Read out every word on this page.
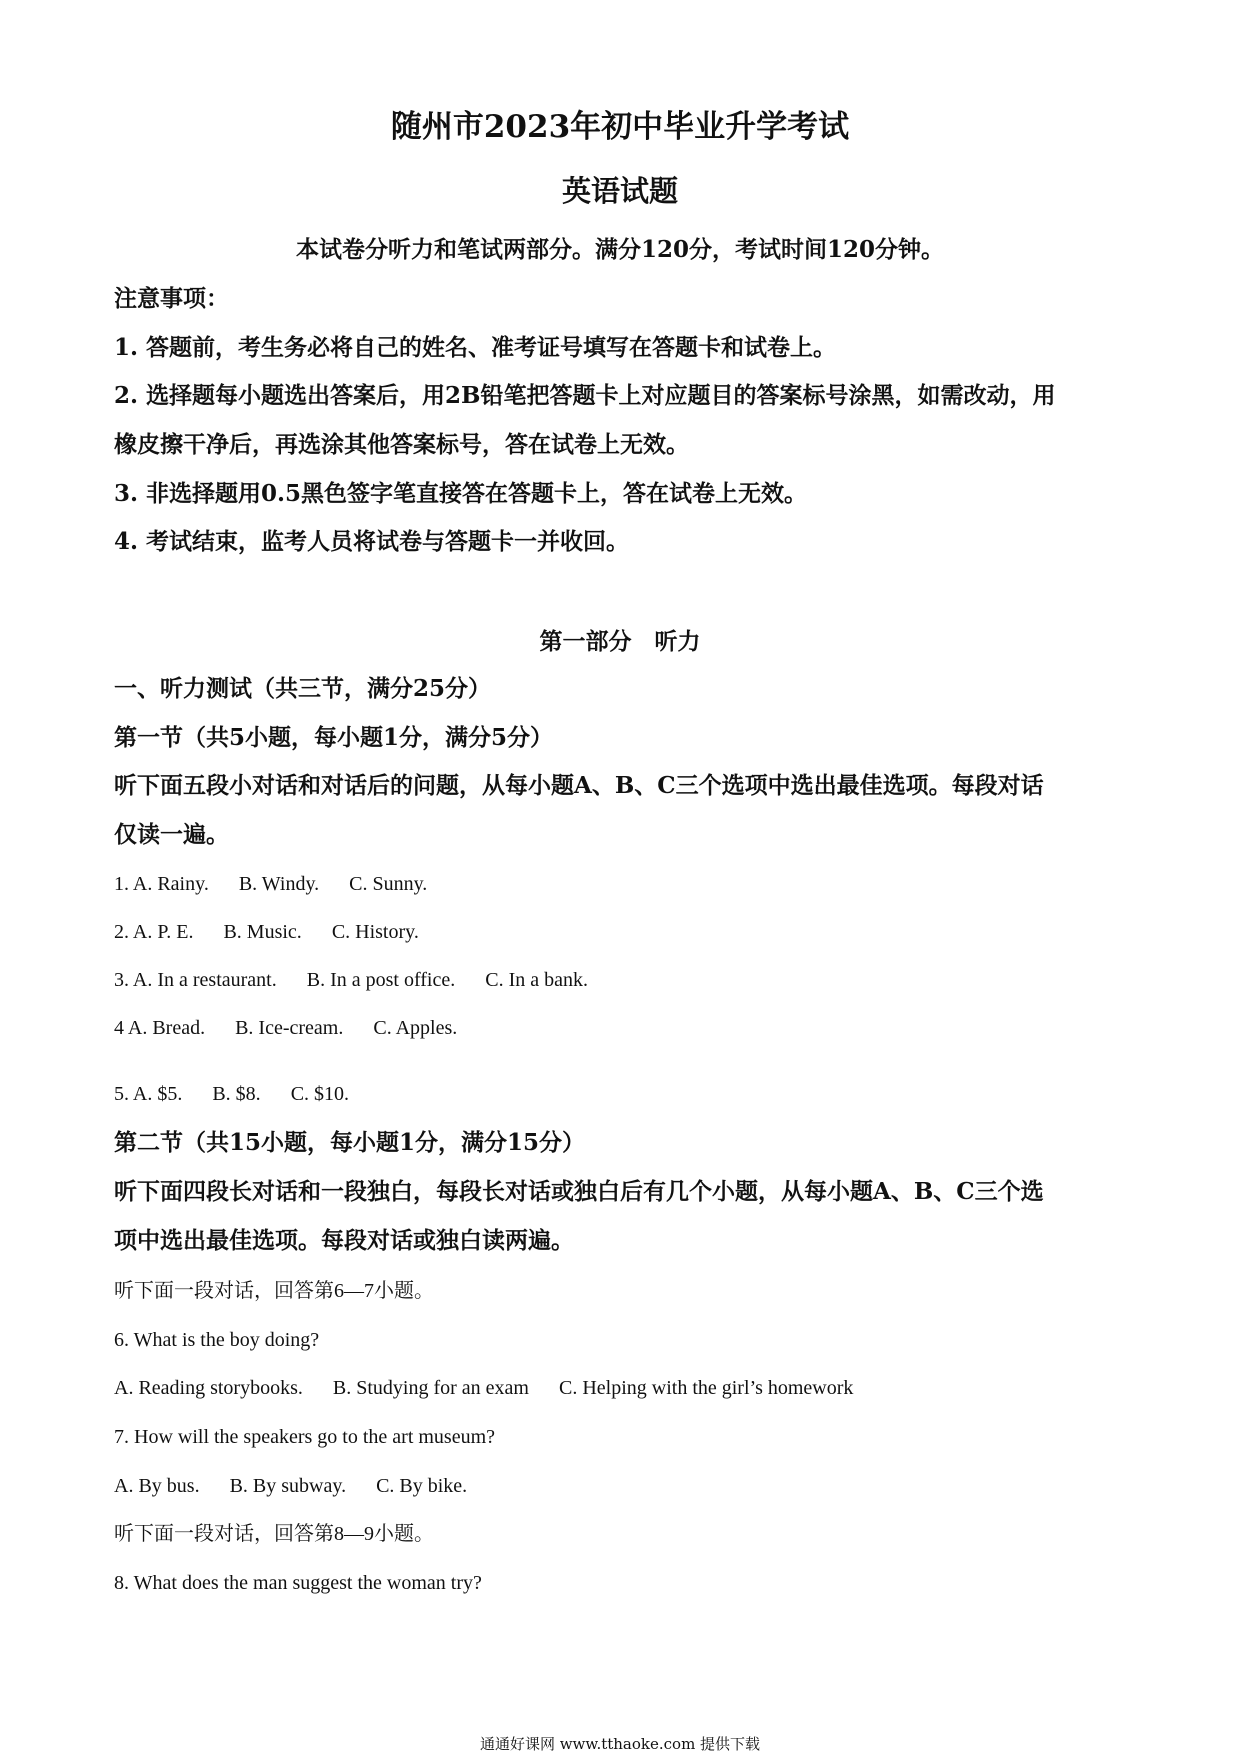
随州市2023年初中毕业升学考试
英语试题
本试卷分听力和笔试两部分。满分120分，考试时间120分钟。
注意事项：
1. 答题前，考生务必将自己的姓名、准考证号填写在答题卡和试卷上。
2. 选择题每小题选出答案后，用2B铅笔把答题卡上对应题目的答案标号涂黑，如需改动，用
橡皮擦干净后，再选涂其他答案标号，答在试卷上无效。
3. 非选择题用0.5黑色签字笔直接答在答题卡上，答在试卷上无效。
4. 考试结束，监考人员将试卷与答题卡一并收回。
第一部分　听力
一、听力测试（共三节，满分25分）
第一节（共5小题，每小题1分，满分5分）
听下面五段小对话和对话后的问题，从每小题A、B、C三个选项中选出最佳选项。每段对话
仅读一遍。
1. A. Rainy. B. Windy. C. Sunny.
2. A. P. E. B. Music. C. History.
3. A. In a restaurant. B. In a post office. C. In a bank.
4 A. Bread. B. Ice-cream. C. Apples.
5. A. $5. B. $8. C. $10.
第二节（共15小题，每小题1分，满分15分）
听下面四段长对话和一段独白，每段长对话或独白后有几个小题，从每小题A、B、C三个选
项中选出最佳选项。每段对话或独白读两遍。
听下面一段对话，回答第6—7小题。
6. What is the boy doing?
A. Reading storybooks. B. Studying for an exam C. Helping with the girl’s homework
7. How will the speakers go to the art museum?
A. By bus. B. By subway. C. By bike.
听下面一段对话，回答第8—9小题。
8. What does the man suggest the woman try?
通通好课网 www.tthaoke.com 提供下载
